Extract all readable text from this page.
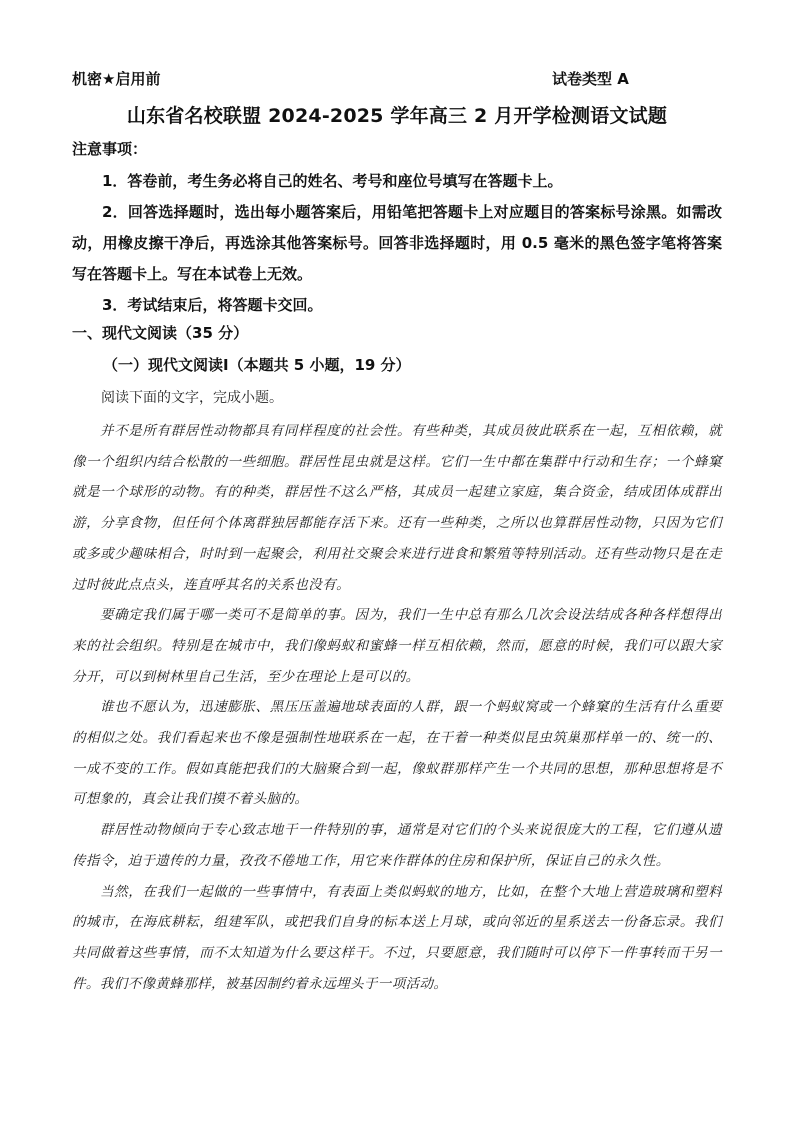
机密★启用前	试卷类型 A
山东省名校联盟 2024-2025 学年高三 2 月开学检测语文试题
注意事项：

1．答卷前，考生务必将自己的姓名、考号和座位号填写在答题卡上。

2．回答选择题时，选出每小题答案后，用铅笔把答题卡上对应题目的答案标号涂黑。如需改动，用橡皮擦干净后，再选涂其他答案标号。回答非选择题时，用 0.5 毫米的黑色签字笔将答案写在答题卡上。写在本试卷上无效。

3．考试结束后，将答题卡交回。

一、现代文阅读（35 分）
（一）现代文阅读Ⅰ（本题共 5 小题，19 分）
阅读下面的文字，完成小题。

并不是所有群居性动物都具有同样程度的社会性。有些种类，其成员彼此联系在一起，互相依赖，就像一个组织内结合松散的一些细胞。群居性昆虫就是这样。它们一生中都在集群中行动和生存；一个蜂窠就是一个球形的动物。有的种类，群居性不这么严格，其成员一起建立家庭，集合资金，结成团体成群出游，分享食物，但任何个体离群独居都能存活下来。还有一些种类，之所以也算群居性动物，只因为它们或多或少趣味相合，时时到一起聚会，利用社交聚会来进行进食和繁殖等特别活动。还有些动物只是在走过时彼此点点头，连直呼其名的关系也没有。

要确定我们属于哪一类可不是简单的事。因为，我们一生中总有那么几次会设法结成各种各样想得出来的社会组织。特别是在城市中，我们像蚂蚁和蜜蜂一样互相依赖，然而，愿意的时候，我们可以跟大家分开，可以到树林里自己生活，至少在理论上是可以的。

谁也不愿认为，迅速膨胀、黑压压盖遍地球表面的人群，跟一个蚂蚁窝或一个蜂窠的生活有什么重要的相似之处。我们看起来也不像是强制性地联系在一起，在干着一种类似昆虫筑巢那样单一的、统一的、一成不变的工作。假如真能把我们的大脑聚合到一起，像蚁群那样产生一个共同的思想，那种思想将是不可想象的，真会让我们摸不着头脑的。

群居性动物倾向于专心致志地干一件特别的事，通常是对它们的个头来说很庞大的工程，它们遵从遗传指令，迫于遗传的力量，孜孜不倦地工作，用它来作群体的住房和保护所，保证自己的永久性。

当然，在我们一起做的一些事情中，有表面上类似蚂蚁的地方，比如，在整个大地上营造玻璃和塑料的城市，在海底耕耘，组建军队，或把我们自身的标本送上月球，或向邻近的星系送去一份备忘录。我们共同做着这些事情，而不太知道为什么要这样干。不过，只要愿意，我们随时可以停下一件事转而干另一件。我们不像黄蜂那样，被基因制约着永远埋头于一项活动。
